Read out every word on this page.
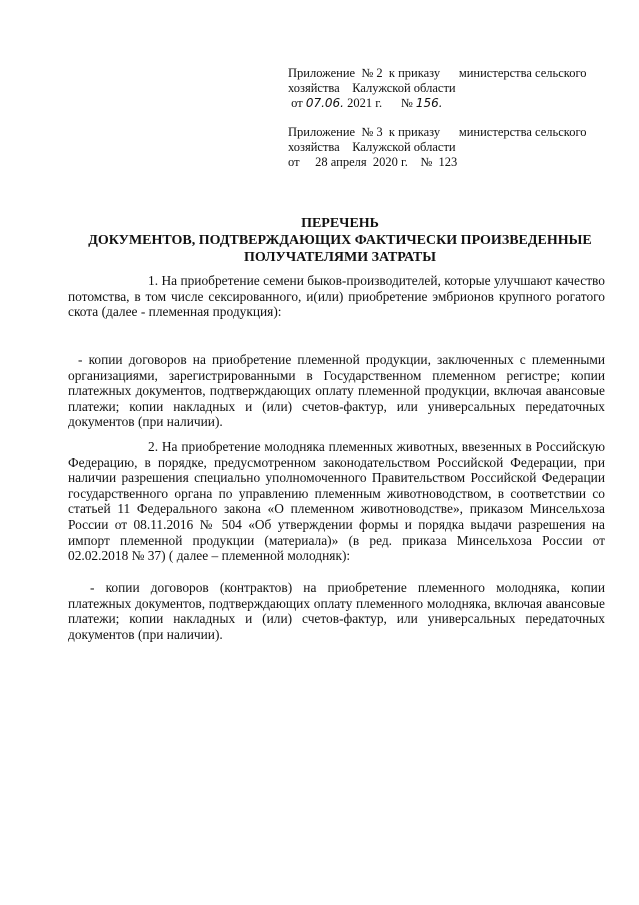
Приложение  № 2  к приказу      министерства сельского

хозяйства    Калужской области

от 07.06. 2021 г.      № 156.

Приложение  № 3  к приказу      министерства сельского

хозяйства    Калужской области

от     28 апреля  2020 г.    №  123

ПЕРЕЧЕНЬ
ДОКУМЕНТОВ, ПОДТВЕРЖДАЮЩИХ ФАКТИЧЕСКИ ПРОИЗВЕДЕННЫЕ
ПОЛУЧАТЕЛЯМИ ЗАТРАТЫ

1. На приобретение семени быков-производителей, которые улучшают качество потомства, в том числе сексированного, и(или) приобретение эмбрионов крупного рогатого скота (далее - племенная продукция):

- копии договоров на приобретение племенной продукции, заключенных с племенными организациями, зарегистрированными в Государственном племенном регистре; копии платежных документов, подтверждающих оплату племенной продукции, включая авансовые платежи; копии накладных и (или) счетов-фактур, или универсальных передаточных документов (при наличии).

2. На приобретение молодняка племенных животных, ввезенных в Российскую Федерацию, в порядке, предусмотренном законодательством Российской Федерации, при наличии разрешения специально уполномоченного Правительством Российской Федерации государственного органа по управлению племенным животноводством, в соответствии со статьей 11 Федерального закона «О племенном животноводстве», приказом Минсельхоза России от 08.11.2016 № 504 «Об утверждении формы и порядка выдачи разрешения на импорт племенной продукции (материала)» (в ред. приказа Минсельхоза России от 02.02.2018 № 37) ( далее – племенной молодняк):

- копии договоров (контрактов) на приобретение племенного молодняка, копии платежных документов, подтверждающих оплату племенного молодняка, включая авансовые платежи; копии накладных и (или) счетов-фактур, или универсальных передаточных документов (при наличии).
